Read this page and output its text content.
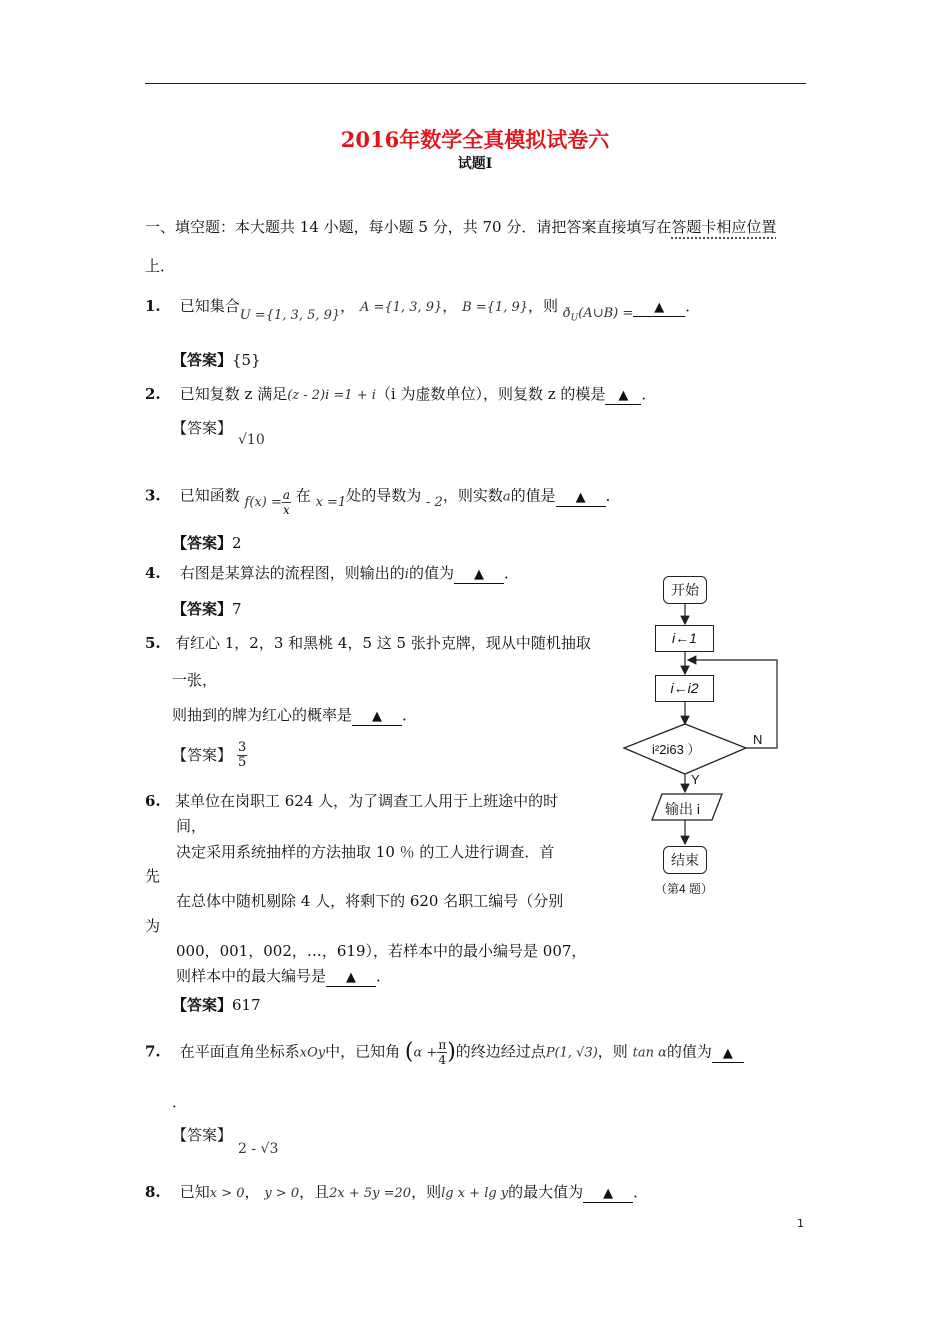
2016年数学全真模拟试卷六
试题Ⅰ
一、填空题：本大题共 14 小题，每小题 5 分，共 70 分．请把答案直接填写在答题卡相应位置
上．
1. 已知集合U ={1, 3, 5, 9}， A ={1, 3, 9}， B ={1, 9}，则 $ð_U(A\cup B)$ = ▲ ．
【答案】{5}
2. 已知复数 z 满足(z - 2)i =1 + i（i 为虚数单位），则复数 z 的模是 ▲ ．
【答案】
√10
3. 已知函数 $f(x) = \frac{a}{x}$ 在 x =1处的导数为 - 2，则实数a的值是 ▲ ．
【答案】2
4. 右图是某算法的流程图，则输出的i的值为 ▲ ．
【答案】7
5. 有红心 1，2，3 和黑桃 4，5 这 5 张扑克牌，现从中随机抽取
一张，
则抽到的牌为红心的概率是 ▲ ．
【答案】 $\frac{3}{5}$
6. 某单位在岗职工 624 人，为了调查工人用于上班途中的时
间，
决定采用系统抽样的方法抽取 10 ％ 的工人进行调查．首
先
在总体中随机剔除 4 人，将剩下的 620 名职工编号（分别
为
000，001，002，…，619），若样本中的最小编号是 007，
则样本中的最大编号是 ▲ ．
【答案】617
7. 在平面直角坐标系xOy中，已知角 ($\alpha + \frac{\pi}{4}$ )的终边经过点P(1, √3)，则 tan α的值为 ▲
．
【答案】
2 - √3
8. 已知x > 0， y > 0，且2x + 5y =20，则lg x + lg y的最大值为 ▲ ．
开始
i←1
i←i2
i²2i63 ）
N
Y
输出 i
结束
（第4 题）
1
